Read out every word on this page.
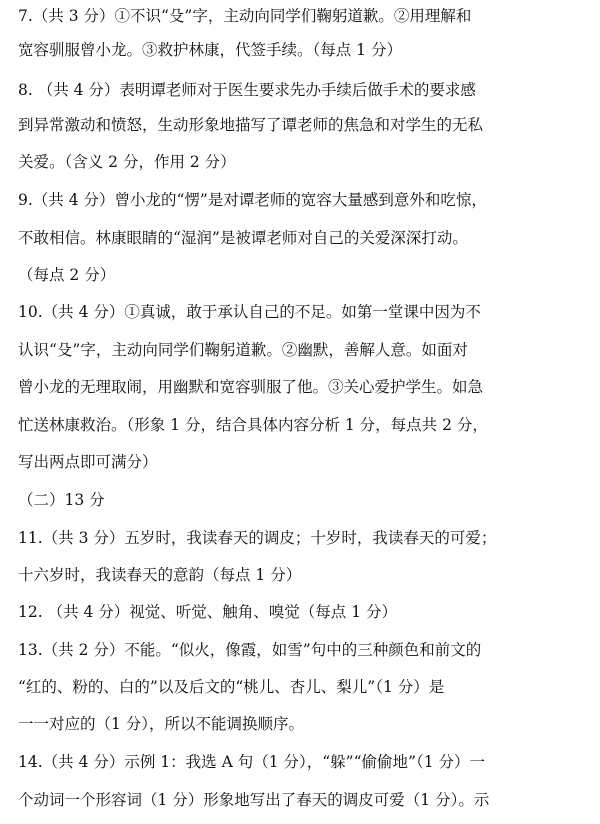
7.（共 3 分）①不识“殳”字，主动向同学们鞠躬道歉。②用理解和
宽容驯服曾小龙。③救护林康，代签手续。（每点 1 分）
8. （共 4 分）表明谭老师对于医生要求先办手续后做手术的要求感
到异常激动和愤怒，生动形象地描写了谭老师的焦急和对学生的无私
关爱。（含义 2 分，作用 2 分）
9.（共 4 分）曾小龙的“愣”是对谭老师的宽容大量感到意外和吃惊，
不敢相信。林康眼睛的“湿润”是被谭老师对自己的关爱深深打动。
（每点 2 分）
10.（共 4 分）①真诚，敢于承认自己的不足。如第一堂课中因为不
认识“殳”字，主动向同学们鞠躬道歉。②幽默，善解人意。如面对
曾小龙的无理取闹，用幽默和宽容驯服了他。③关心爱护学生。如急
忙送林康救治。（形象 1 分，结合具体内容分析 1 分，每点共 2 分，
写出两点即可满分）
（二）13 分
11.（共 3 分）五岁时，我读春天的调皮；十岁时，我读春天的可爱；
十六岁时，我读春天的意韵（每点 1 分）
12. （共 4 分）视觉、听觉、触角、嗅觉（每点 1 分）
13.（共 2 分）不能。“似火，像霞，如雪”句中的三种颜色和前文的
“红的、粉的、白的”以及后文的“桃儿、杏儿、梨儿”（1 分）是
一一对应的（1 分），所以不能调换顺序。
14.（共 4 分）示例 1：我选 A 句（1 分），“躲”“偷偷地”（1 分）一
个动词一个形容词（1 分）形象地写出了春天的调皮可爱（1 分）。示
